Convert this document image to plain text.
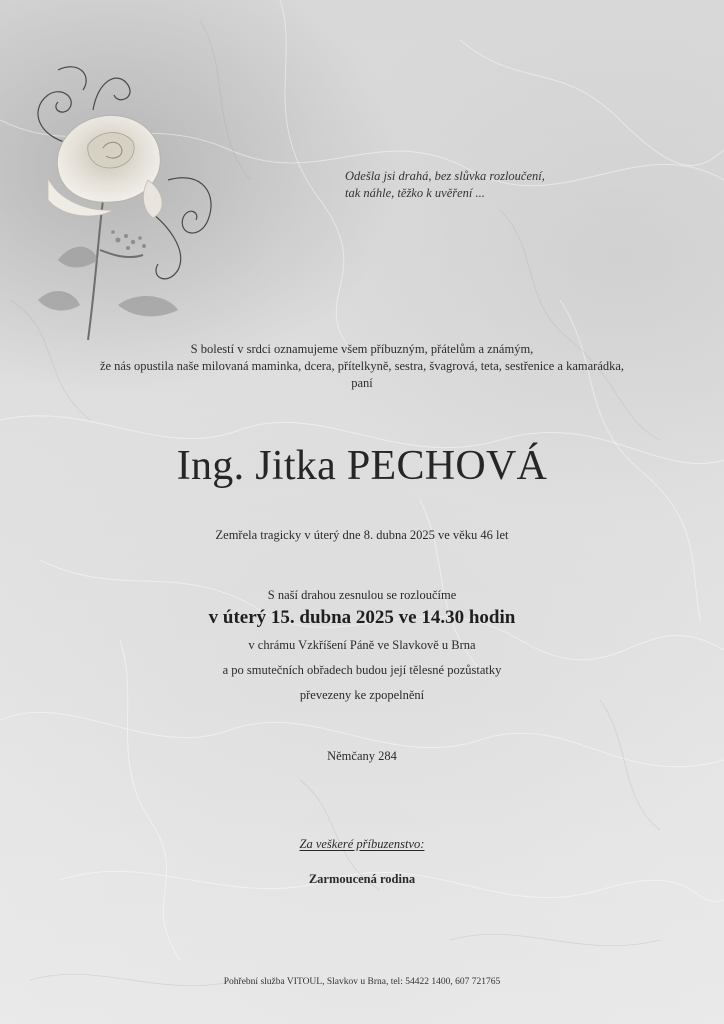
Odešla jsi drahá, bez slůvka rozloučení,
tak náhle, těžko k uvěření ...
S bolestí v srdci oznamujeme všem příbuzným, přátelům a známým,
že nás opustila naše milovaná maminka, dcera, přítelkyně, sestra, švagrová, teta, sestřenice a kamarádka,
paní
Ing. Jitka PECHOVÁ
Zemřela tragicky v úterý dne 8. dubna 2025 ve věku 46 let
S naší drahou zesnulou se rozloučíme
v úterý 15. dubna 2025 ve 14.30 hodin
v chrámu Vzkříšení Páně ve Slavkově u Brna
a po smutečních obřadech budou její tělesné pozůstatky
převezeny ke zpopelnění
Němčany 284
Za veškeré příbuzenstvo:
Zarmoucená rodina
Pohřební služba VITOUL, Slavkov u Brna, tel: 54422 1400, 607 721765
